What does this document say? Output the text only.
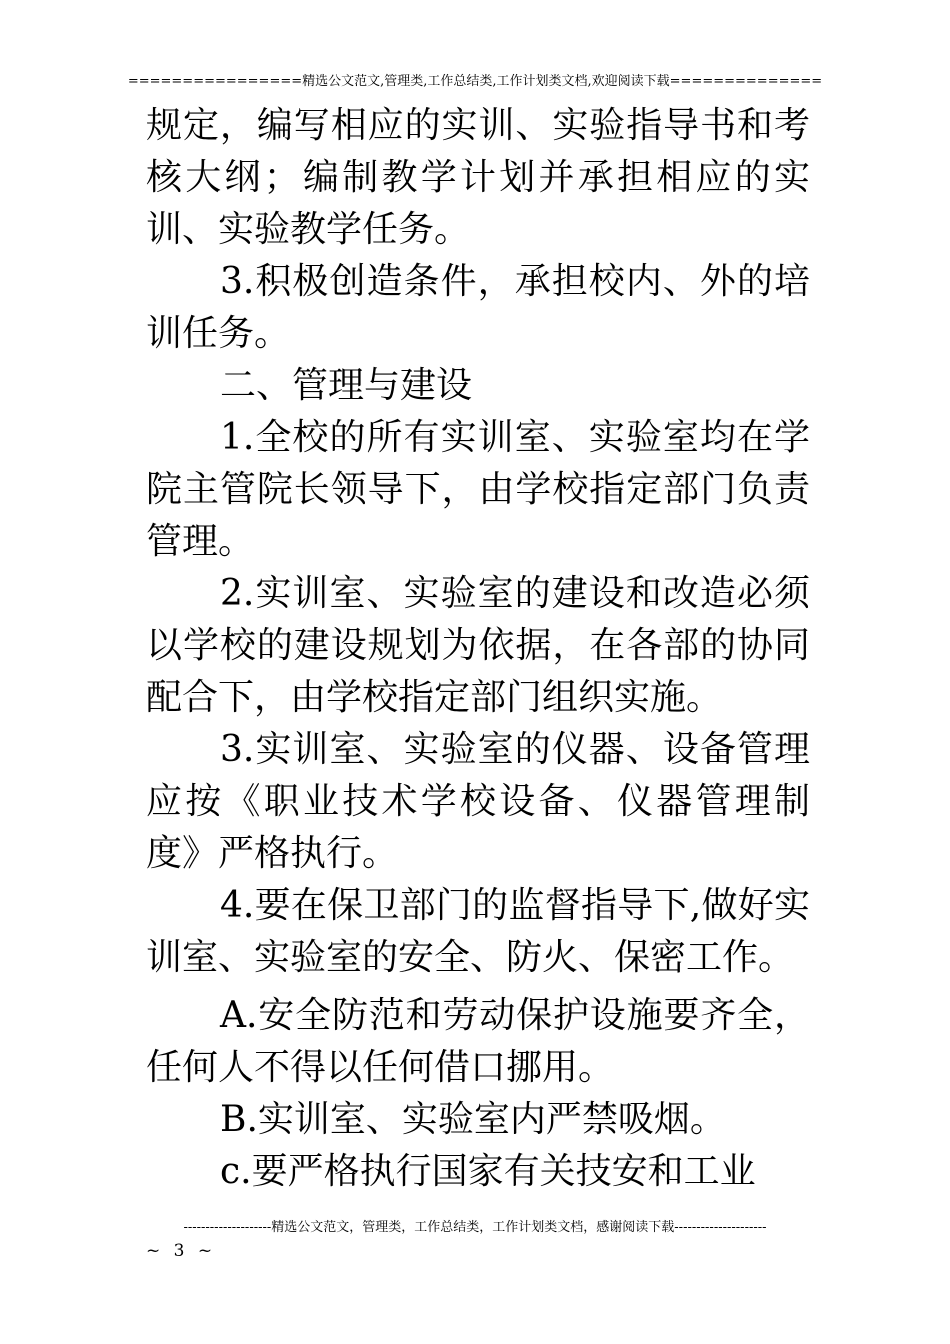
================精选公文范文,管理类,工作总结类,工作计划类文档,欢迎阅读下载==============

规定，编写相应的实训、实验指导书和考核大纲；编制教学计划并承担相应的实训、实验教学任务。

3.积极创造条件，承担校内、外的培训任务。

二、管理与建设

1.全校的所有实训室、实验室均在学院主管院长领导下，由学校指定部门负责管理。

2.实训室、实验室的建设和改造必须以学校的建设规划为依据，在各部的协同配合下，由学校指定部门组织实施。

3.实训室、实验室的仪器、设备管理应按《职业技术学校设备、仪器管理制度》严格执行。

4.要在保卫部门的监督指导下,做好实训室、实验室的安全、防火、保密工作。

A.安全防范和劳动保护设施要齐全，任何人不得以任何借口挪用。

B.实训室、实验室内严禁吸烟。

c.要严格执行国家有关技安和工业

--------------------精选公文范文，管理类，工作总结类，工作计划类文档，感谢阅读下载---------------------
~ 3 ~
